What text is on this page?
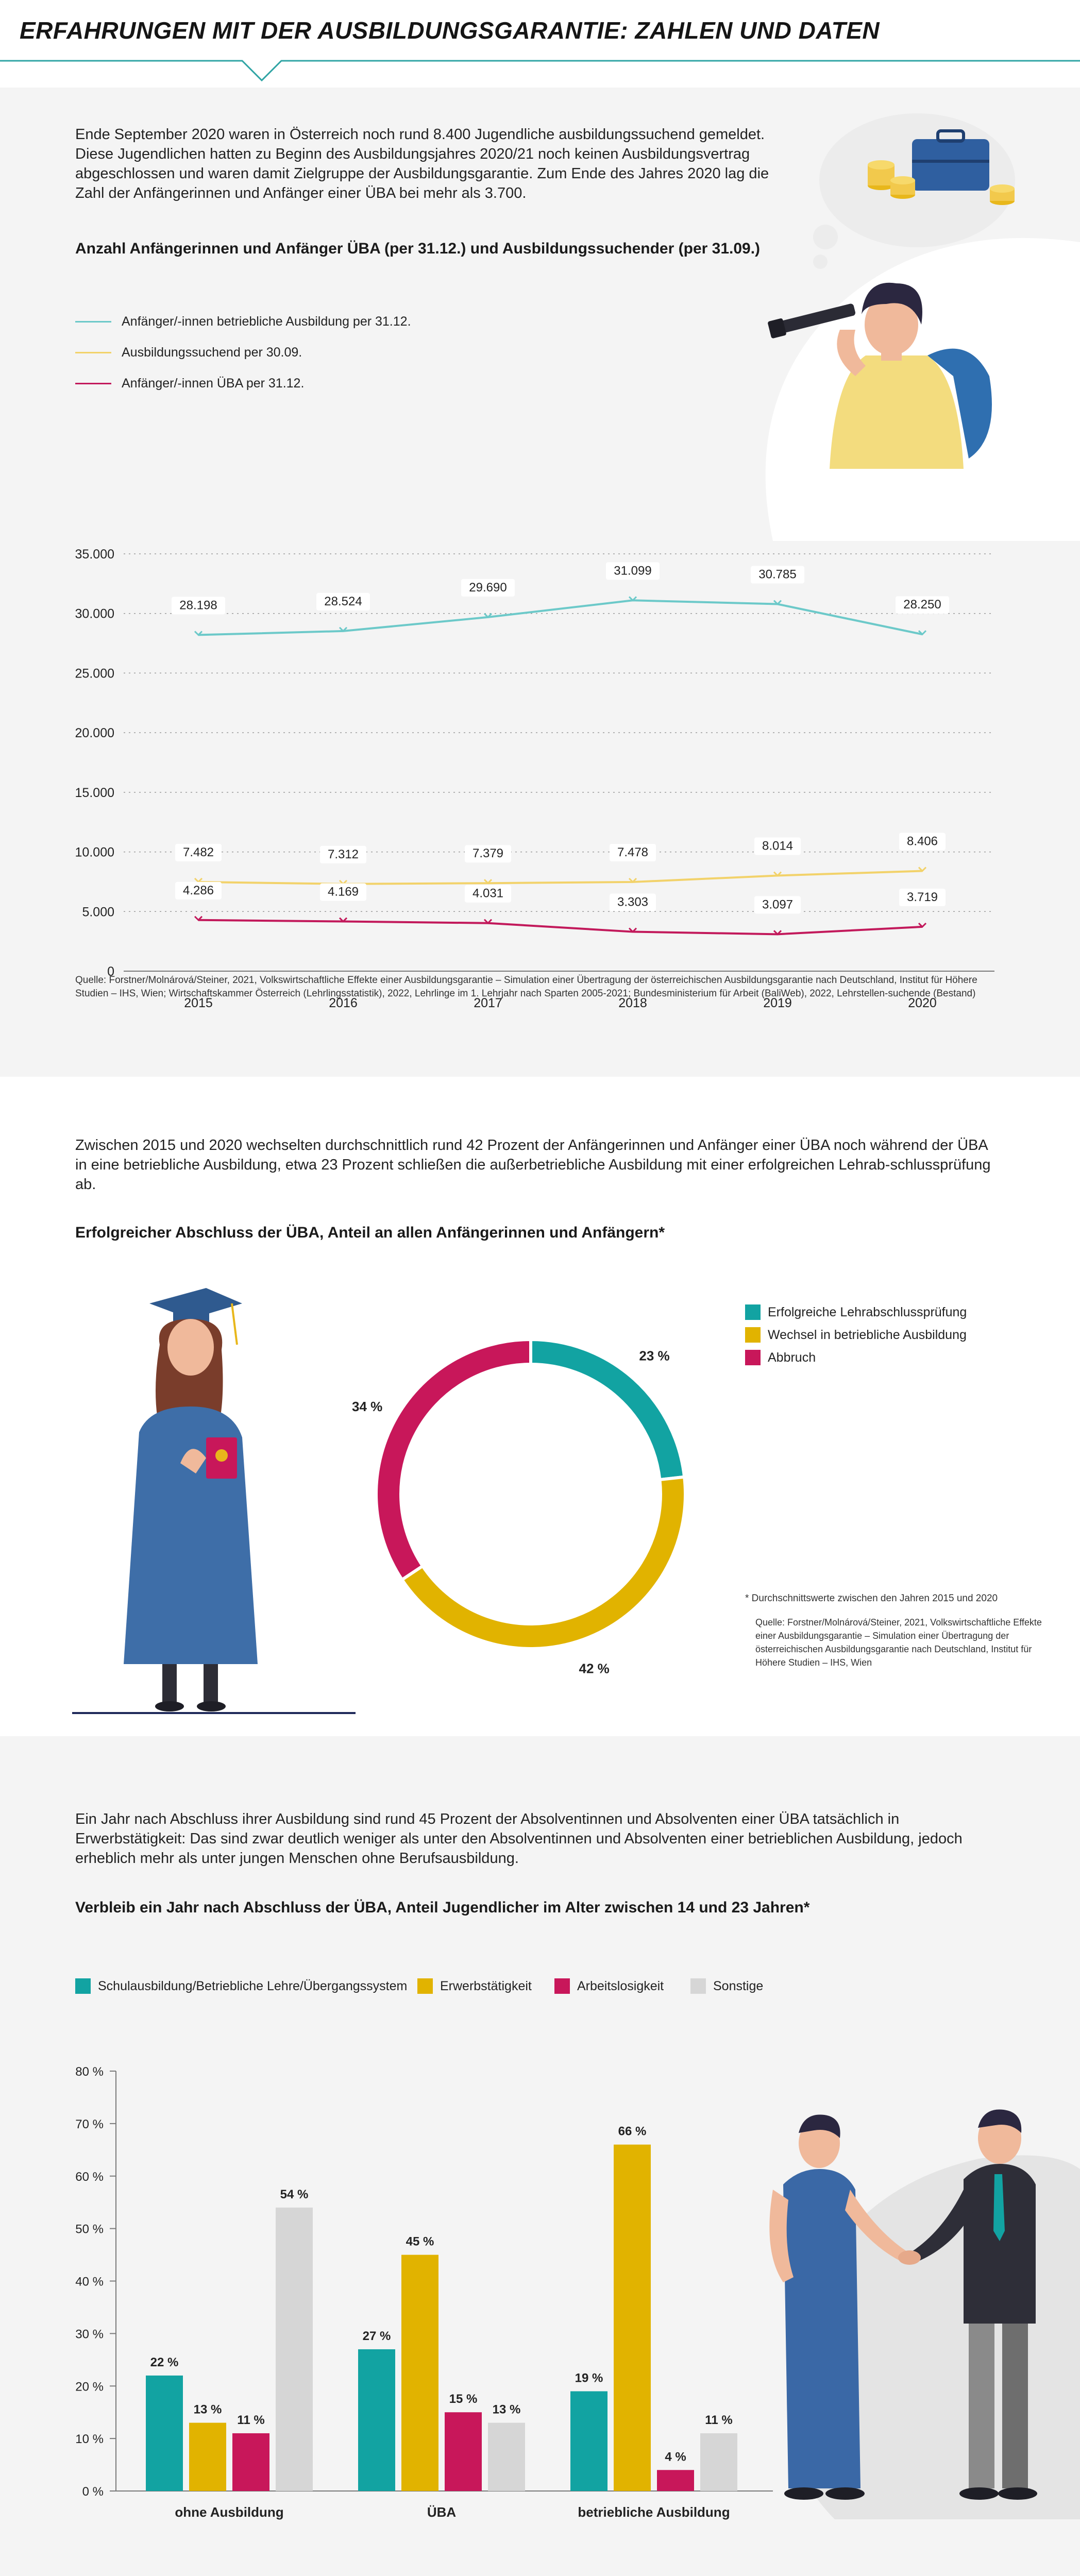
ERFAHRUNGEN MIT DER AUSBILDUNGSGARANTIE: ZAHLEN UND DATEN
Ende September 2020 waren in Österreich noch rund 8.400 Jugendliche ausbildungssuchend gemeldet. Diese Jugendlichen hatten zu Beginn des Ausbildungsjahres 2020/21 noch keinen Ausbildungsvertrag abgeschlossen und waren damit Zielgruppe der Ausbildungsgarantie. Zum Ende des Jahres 2020 lag die Zahl der Anfängerinnen und Anfänger einer ÜBA bei mehr als 3.700.
Anzahl Anfängerinnen und Anfänger ÜBA (per 31.12.) und Ausbildungssuchender (per 31.09.)
Anfänger/-innen betriebliche Ausbildung per 31.12.
Ausbildungssuchend per 30.09.
Anfänger/-innen ÜBA per 31.12.
0
5.000
10.000
15.000
20.000
25.000
30.000
35.000
2015	2016	2017	2018	2019	2020
28.198	28.524
29.690
31.099	30.785
28.250
7.482	7.312	7.379	7.478	8.014	8.406
4.286	4.169	4.031
3.303	3.097
3.719
Quelle: Forstner/Molnárová/Steiner, 2021, Volkswirtschaftliche Effekte einer Ausbildungsgarantie – Simulation einer Übertragung der österreichischen Ausbildungsgarantie nach Deutschland, Institut für Höhere Studien – IHS, Wien; Wirtschaftskammer Österreich (Lehrlingsstatistik), 2022, Lehrlinge im 1. Lehrjahr nach Sparten 2005-2021; Bundesministerium für Arbeit (BaliWeb), 2022, Lehrstellen-suchende (Bestand)
Zwischen 2015 und 2020 wechselten durchschnittlich rund 42 Prozent der Anfängerinnen und Anfänger einer ÜBA noch während der ÜBA in eine betriebliche Ausbildung, etwa 23 Prozent schließen die außerbetriebliche Ausbildung mit einer erfolgreichen Lehrab-schlussprüfung ab.
Erfolgreicher Abschluss der ÜBA, Anteil an allen Anfängerinnen und Anfängern*
23 %
42 %
34 %
Erfolgreiche Lehrabschlussprüfung
Wechsel in betriebliche Ausbildung
Abbruch
* Durchschnittswerte zwischen den Jahren 2015 und 2020
Quelle: Forstner/Molnárová/Steiner, 2021, Volkswirtschaftliche Effekte einer Ausbildungsgarantie – Simulation einer Übertragung der österreichischen Ausbildungsgarantie nach Deutschland, Institut für Höhere Studien – IHS, Wien
Ein Jahr nach Abschluss ihrer Ausbildung sind rund 45 Prozent der Absolventinnen und Absolventen einer ÜBA tatsächlich in Erwerbstätigkeit: Das sind zwar deutlich weniger als unter den Absolventinnen und Absolventen einer betrieblichen Ausbildung, jedoch erheblich mehr als unter jungen Menschen ohne Berufsausbildung.
Verbleib ein Jahr nach Abschluss der ÜBA, Anteil Jugendlicher im Alter zwischen 14 und 23 Jahren*
Schulausbildung/Betriebliche Lehre/Übergangssystem	Erwerbstätigkeit	Arbeitslosigkeit	Sonstige
0 %
10 %
20 %
30 %
40 %
50 %
60 %
70 %
80 %
22 %
13 %
11 %
54 %
ohne Ausbildung
27 %
45 %
15 %
13 %
ÜBA
19 %
66 %
4 %
11 %
betriebliche Ausbildung
